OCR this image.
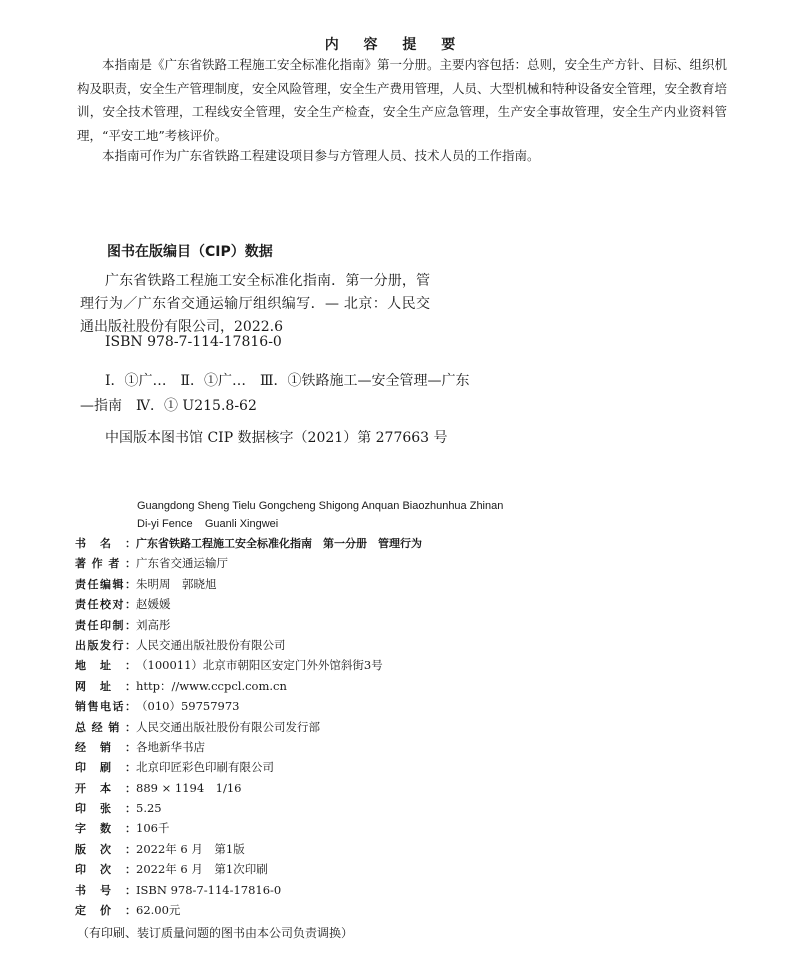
内 容 提 要

本指南是《广东省铁路工程施工安全标准化指南》第一分册。主要内容包括：总则，安全生产方针、目标、组织机构及职责，安全生产管理制度，安全风险管理，安全生产费用管理，人员、大型机械和特种设备安全管理，安全教育培训，安全技术管理，工程线安全管理，安全生产检查，安全生产应急管理，生产安全事故管理，安全生产内业资料管理，“平安工地”考核评价。

本指南可作为广东省铁路工程建设项目参与方管理人员、技术人员的工作指南。

图书在版编目（CIP）数据
广东省铁路工程施工安全标准化指南．第一分册，管理行为／广东省交通运输厅组织编写．— 北京：人民交通出版社股份有限公司，2022.6
ISBN 978-7-114-17816-0
Ⅰ．①广…　Ⅱ．①广…　Ⅲ．①铁路施工—安全管理—广东—指南　Ⅳ．① U215.8-62
中国版本图书馆 CIP 数据核字（2021）第 277663 号
Guangdong Sheng Tielu Gongcheng Shigong Anquan Biaozhunhua Zhinan
Di-yi Fence    Guanli Xingwei
书名：广东省铁路工程施工安全标准化指南　第一分册　管理行为
著作者：广东省交通运输厅
责任编辑：朱明周　郭晓旭
责任校对：赵媛媛
责任印制：刘高彤
出版发行：人民交通出版社股份有限公司
地址：（100011）北京市朝阳区安定门外外馆斜街3号
网址：http：//www.ccpcl.com.cn
销售电话：（010）59757973
总经销：人民交通出版社股份有限公司发行部
经销：各地新华书店
印刷：北京印匠彩色印刷有限公司
开本：889 × 1194　1/16
印张：5.25
字数：106千
版次：2022年 6 月　第1版
印次：2022年 6 月　第1次印刷
书号：ISBN 978-7-114-17816-0
定价：62.00元
（有印刷、装订质量问题的图书由本公司负责调换）
